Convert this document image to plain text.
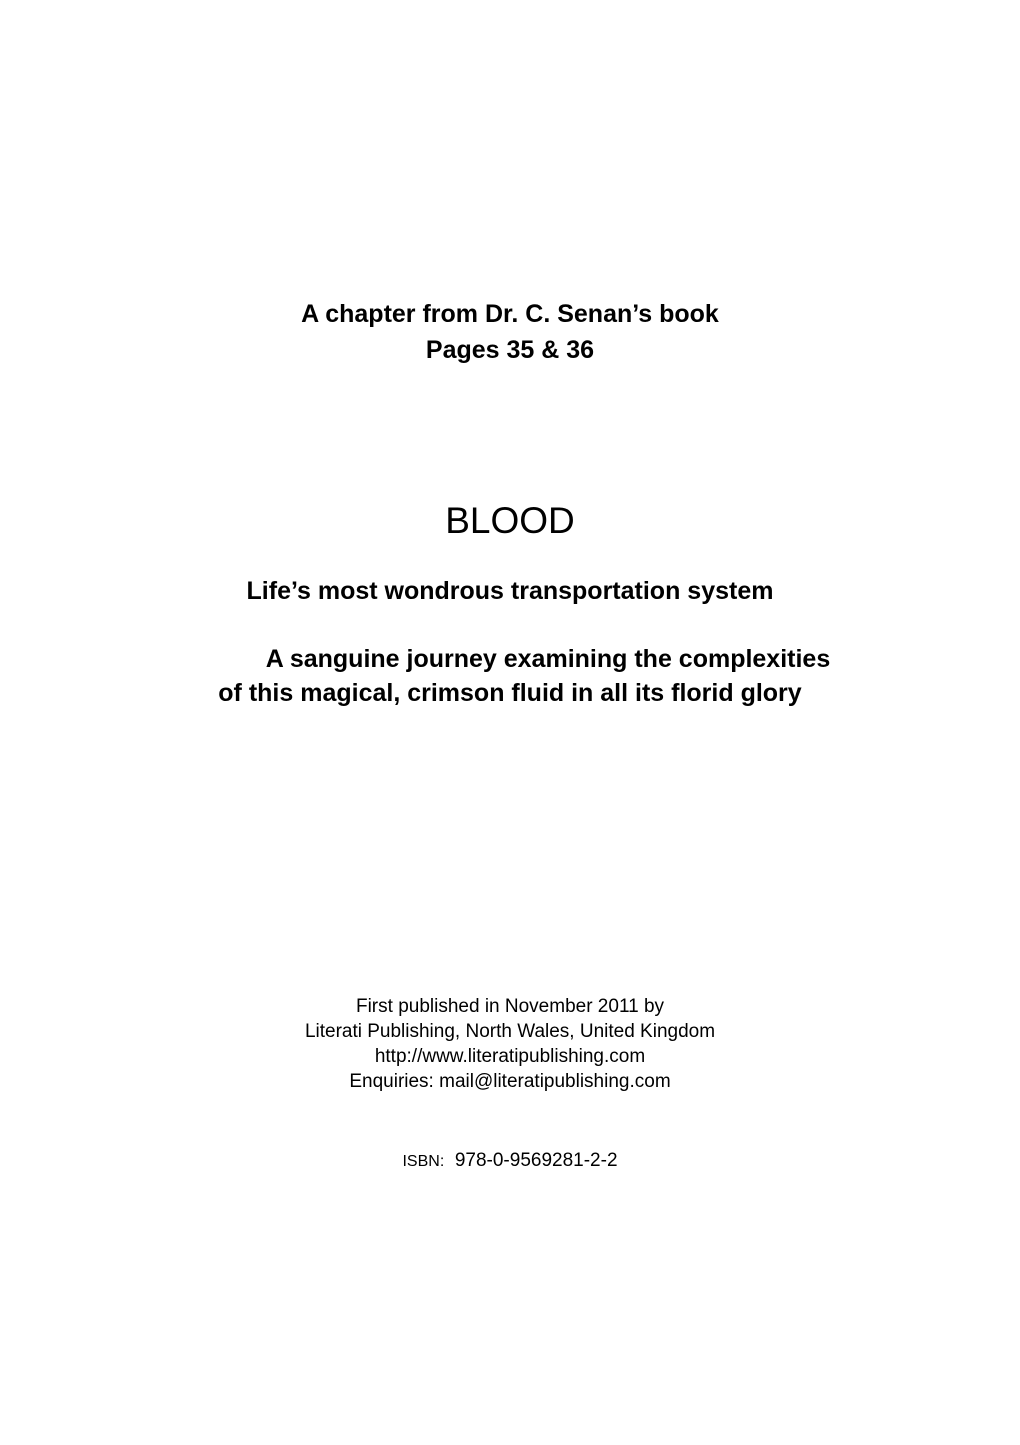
A chapter from Dr. C. Senan’s book
Pages 35 & 36
BLOOD
Life’s most wondrous transportation system
A sanguine journey examining the complexities
of this magical, crimson fluid in all its florid glory
First published in November 2011 by
Literati Publishing, North Wales, United Kingdom
http://www.literatipublishing.com
Enquiries: mail@literatipublishing.com
ISBN: 978-0-9569281-2-2
